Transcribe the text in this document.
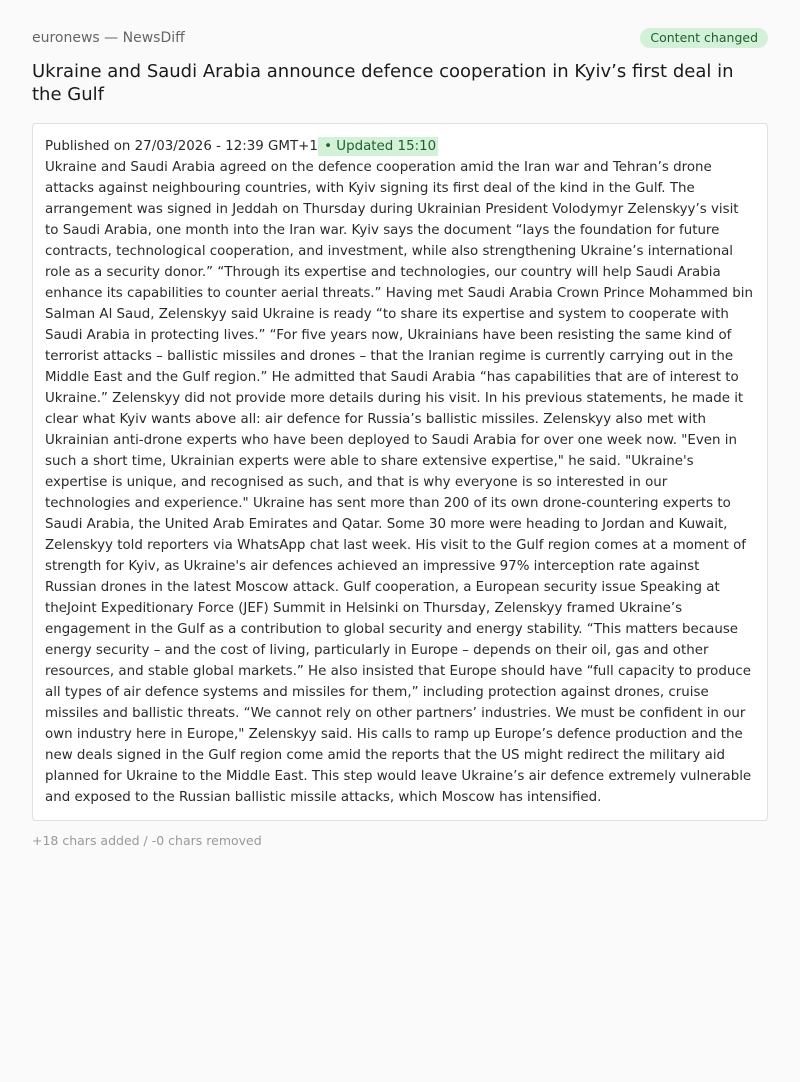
euronews — NewsDiff	Content changed
Ukraine and Saudi Arabia announce defence cooperation in Kyiv’s first deal in the Gulf

Published on 27/03/2026 - 12:39 GMT+1 • Updated 15:10
Ukraine and Saudi Arabia agreed on the defence cooperation amid the Iran war and Tehran’s drone attacks against neighbouring countries, with Kyiv signing its first deal of the kind in the Gulf. The arrangement was signed in Jeddah on Thursday during Ukrainian President Volodymyr Zelenskyy’s visit to Saudi Arabia, one month into the Iran war. Kyiv says the document “lays the foundation for future contracts, technological cooperation, and investment, while also strengthening Ukraine’s international role as a security donor.” “Through its expertise and technologies, our country will help Saudi Arabia enhance its capabilities to counter aerial threats.” Having met Saudi Arabia Crown Prince Mohammed bin Salman Al Saud, Zelenskyy said Ukraine is ready “to share its expertise and system to cooperate with Saudi Arabia in protecting lives.” “For five years now, Ukrainians have been resisting the same kind of terrorist attacks – ballistic missiles and drones – that the Iranian regime is currently carrying out in the Middle East and the Gulf region.” He admitted that Saudi Arabia “has capabilities that are of interest to Ukraine.” Zelenskyy did not provide more details during his visit. In his previous statements, he made it clear what Kyiv wants above all: air defence for Russia’s ballistic missiles. Zelenskyy also met with Ukrainian anti-drone experts who have been deployed to Saudi Arabia for over one week now. "Even in such a short time, Ukrainian experts were able to share extensive expertise," he said. "Ukraine's expertise is unique, and recognised as such, and that is why everyone is so interested in our technologies and experience." Ukraine has sent more than 200 of its own drone-countering experts to Saudi Arabia, the United Arab Emirates and Qatar. Some 30 more were heading to Jordan and Kuwait, Zelenskyy told reporters via WhatsApp chat last week. His visit to the Gulf region comes at a moment of strength for Kyiv, as Ukraine's air defences achieved an impressive 97% interception rate against Russian drones in the latest Moscow attack. Gulf cooperation, a European security issue Speaking at theJoint Expeditionary Force (JEF) Summit in Helsinki on Thursday, Zelenskyy framed Ukraine’s engagement in the Gulf as a contribution to global security and energy stability. “This matters because energy security – and the cost of living, particularly in Europe – depends on their oil, gas and other resources, and stable global markets.” He also insisted that Europe should have “full capacity to produce all types of air defence systems and missiles for them,” including protection against drones, cruise missiles and ballistic threats. “We cannot rely on other partners’ industries. We must be confident in our own industry here in Europe," Zelenskyy said. His calls to ramp up Europe’s defence production and the new deals signed in the Gulf region come amid the reports that the US might redirect the military aid planned for Ukraine to the Middle East. This step would leave Ukraine’s air defence extremely vulnerable and exposed to the Russian ballistic missile attacks, which Moscow has intensified.

+18 chars added / -0 chars removed
